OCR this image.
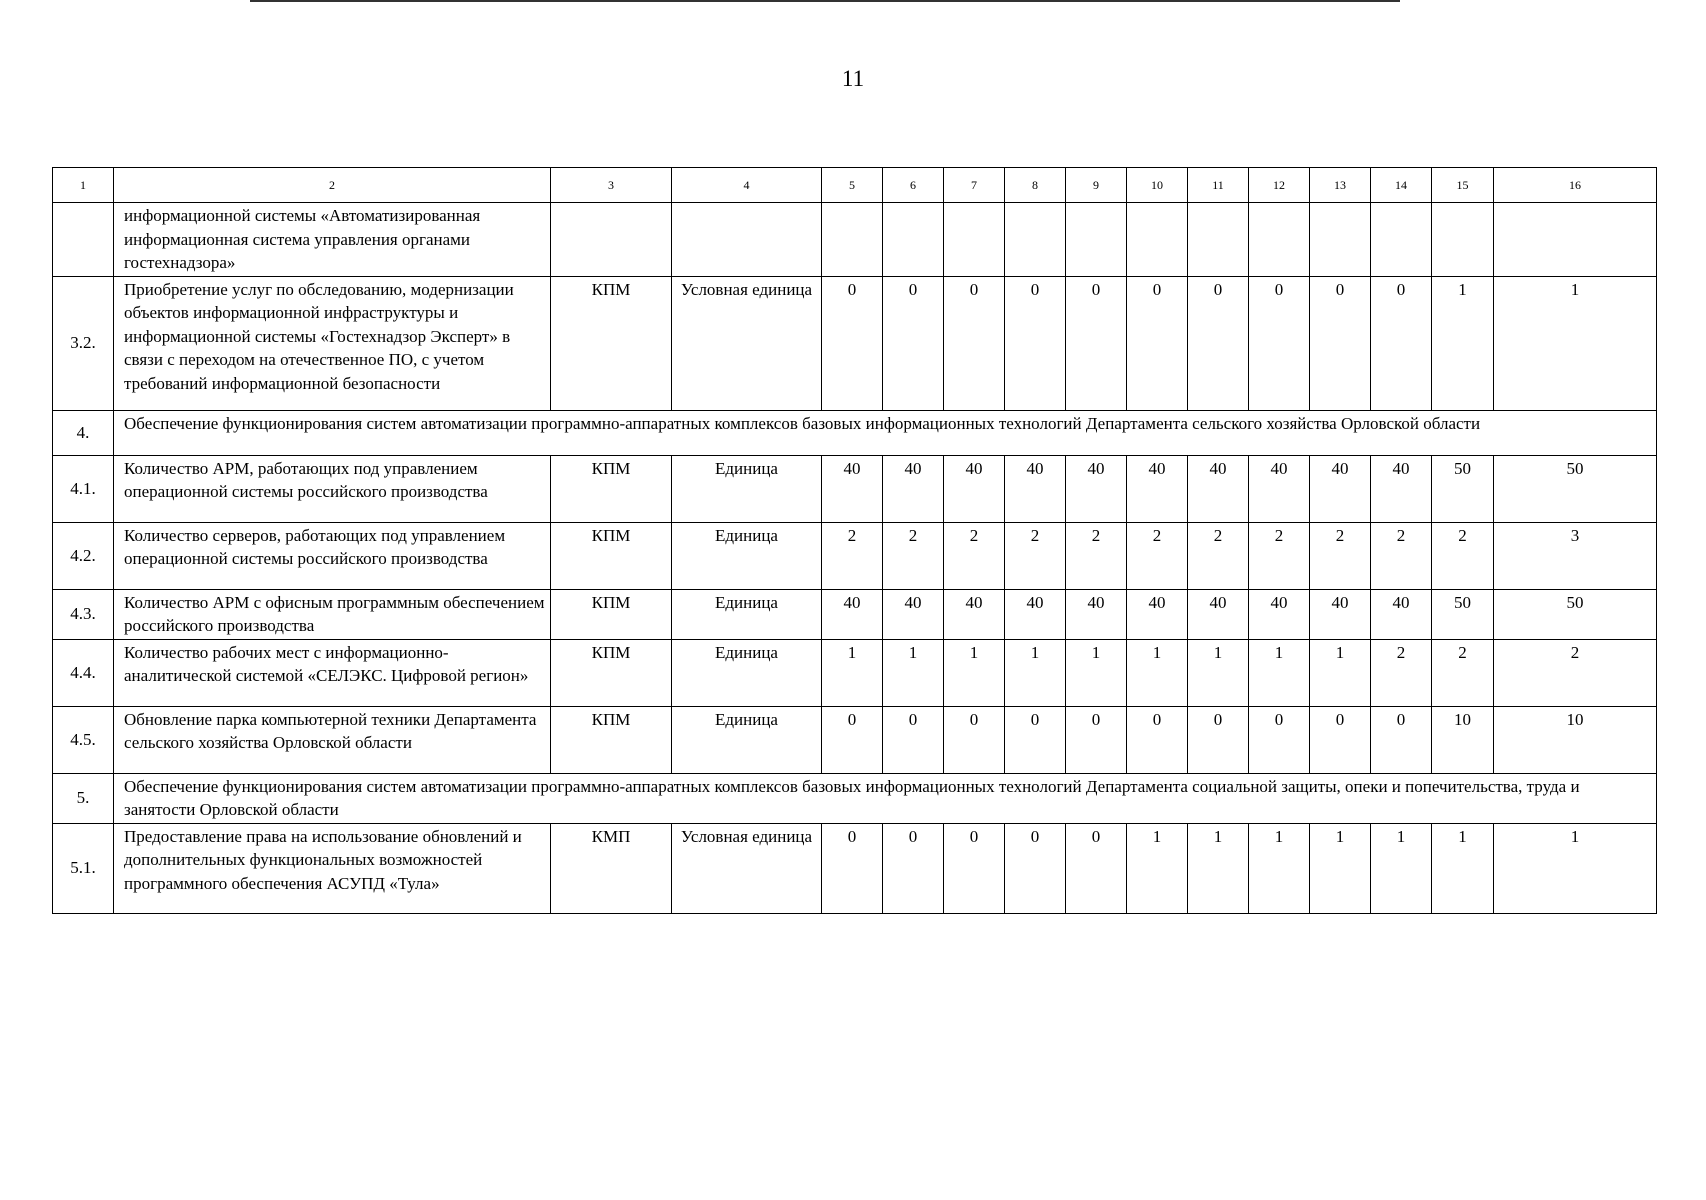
11
1	2	3	4	5	6	7	8	9	10	11	12	13	14	15	16
	информационной системы «Автоматизированная информационная система управления органами гостехнадзора»														
3.2.	Приобретение услуг по обследованию, модернизации объектов информационной инфраструктуры и информационной системы «Гостехнадзор Эксперт» в связи с переходом на отечественное ПО, с учетом требований информационной безопасности	КПМ	Условная единица	0	0	0	0	0	0	0	0	0	0	1	1
4.	Обеспечение функционирования систем автоматизации программно-аппаратных комплексов базовых информационных технологий Департамента сельского хозяйства Орловской области														
4.1.	Количество АРМ, работающих под управлением операционной системы российского производства	КПМ	Единица	40	40	40	40	40	40	40	40	40	40	50	50
4.2.	Количество серверов, работающих под управлением операционной системы российского производства	КПМ	Единица	2	2	2	2	2	2	2	2	2	2	2	3
4.3.	Количество АРМ с офисным программным обеспечением российского производства	КПМ	Единица	40	40	40	40	40	40	40	40	40	40	50	50
4.4.	Количество рабочих мест с информационно-аналитической системой «СЕЛЭКС. Цифровой регион»	КПМ	Единица	1	1	1	1	1	1	1	1	1	2	2	2
4.5.	Обновление парка компьютерной техники Департамента сельского хозяйства Орловской области	КПМ	Единица	0	0	0	0	0	0	0	0	0	0	10	10
5.	Обеспечение функционирования систем автоматизации программно-аппаратных комплексов базовых информационных технологий Департамента социальной защиты, опеки и попечительства, труда и занятости Орловской области														
5.1.	Предоставление права на использование обновлений и дополнительных функциональных возможностей программного обеспечения АСУПД «Тула»	КМП	Условная единица	0	0	0	0	0	1	1	1	1	1	1	1
